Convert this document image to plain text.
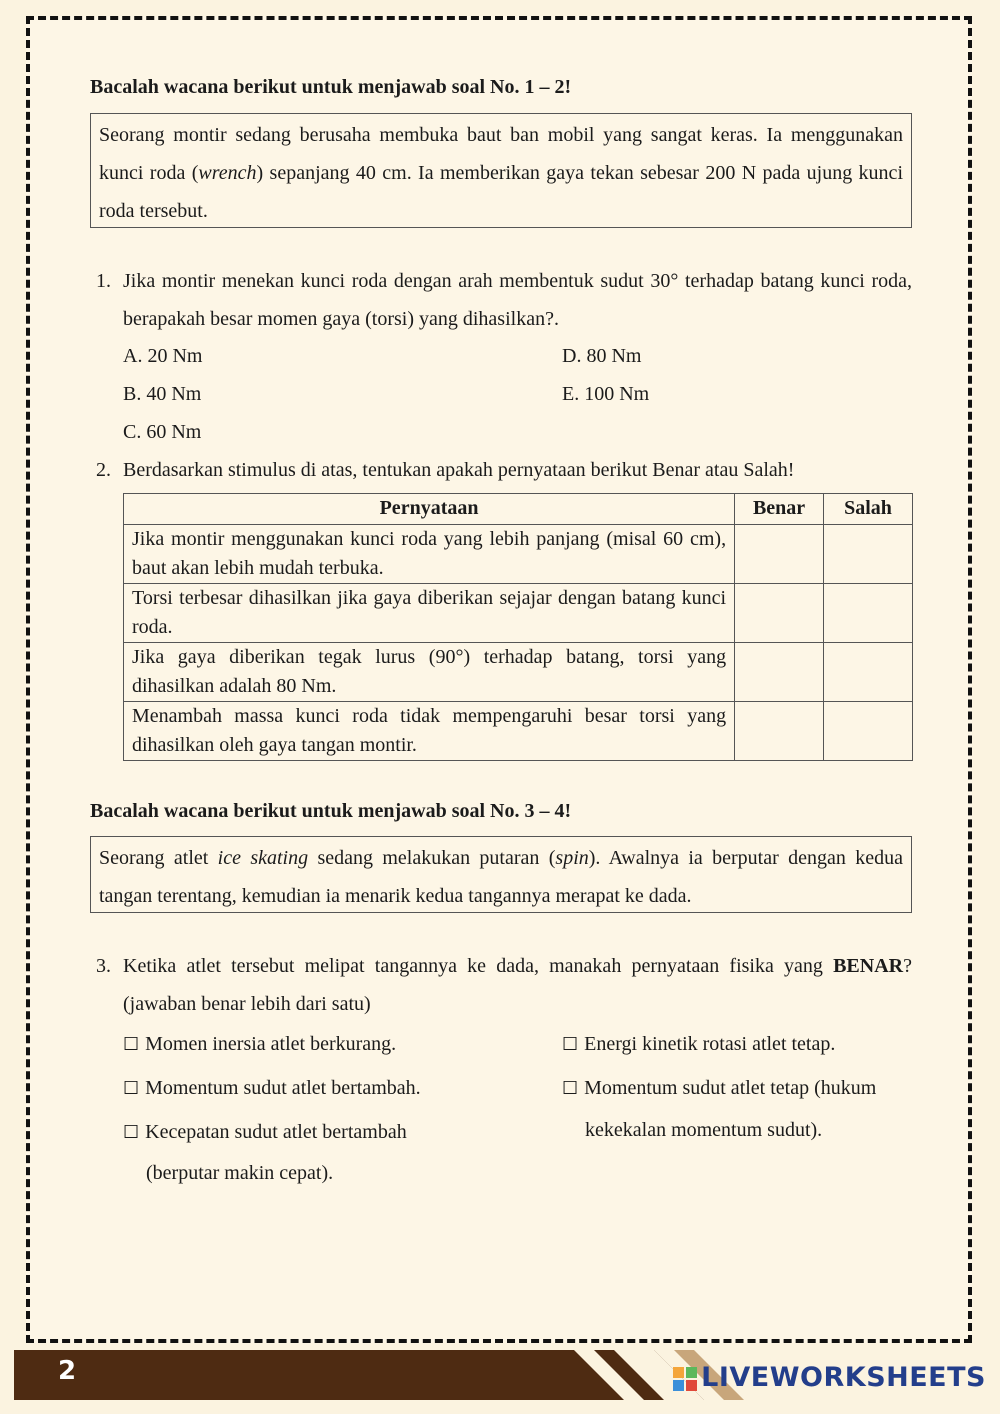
Bacalah wacana berikut untuk menjawab soal No. 1 – 2!
Seorang montir sedang berusaha membuka baut ban mobil yang sangat keras. Ia menggunakan kunci roda (wrench) sepanjang 40 cm. Ia memberikan gaya tekan sebesar 200 N pada ujung kunci roda tersebut.
1. Jika montir menekan kunci roda dengan arah membentuk sudut 30° terhadap batang kunci roda, berapakah besar momen gaya (torsi) yang dihasilkan?.
A. 20 Nm
B. 40 Nm
C. 60 Nm
D. 80 Nm
E. 100 Nm
2. Berdasarkan stimulus di atas, tentukan apakah pernyataan berikut Benar atau Salah!
Pernyataan	Benar	Salah
Jika montir menggunakan kunci roda yang lebih panjang (misal 60 cm), baut akan lebih mudah terbuka.		
Torsi terbesar dihasilkan jika gaya diberikan sejajar dengan batang kunci roda.		
Jika gaya diberikan tegak lurus (90°) terhadap batang, torsi yang dihasilkan adalah 80 Nm.		
Menambah massa kunci roda tidak mempengaruhi besar torsi yang dihasilkan oleh gaya tangan montir.		
Bacalah wacana berikut untuk menjawab soal No. 3 – 4!
Seorang atlet ice skating sedang melakukan putaran (spin). Awalnya ia berputar dengan kedua tangan terentang, kemudian ia menarik kedua tangannya merapat ke dada.
3. Ketika atlet tersebut melipat tangannya ke dada, manakah pernyataan fisika yang BENAR? (jawaban benar lebih dari satu)
☐ Momen inersia atlet berkurang.
☐ Momentum sudut atlet bertambah.
☐ Kecepatan sudut atlet bertambah
(berputar makin cepat).
☐ Energi kinetik rotasi atlet tetap.
☐ Momentum sudut atlet tetap (hukum
kekekalan momentum sudut).
2	LIVEWORKSHEETS
